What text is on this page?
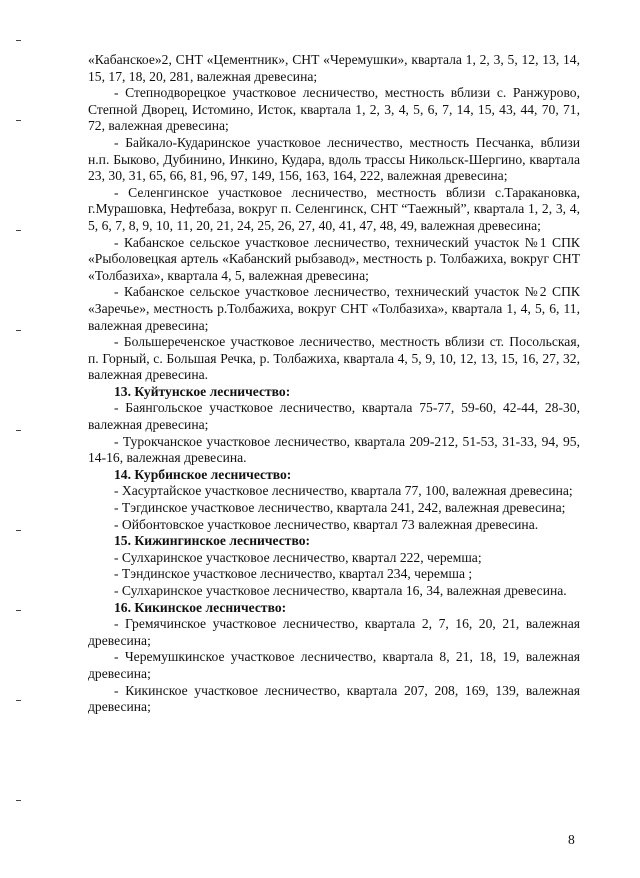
«Кабанское»2, СНТ «Цементник», СНТ «Черемушки», квартала 1, 2, 3, 5, 12, 13, 14, 15, 17, 18, 20, 281, валежная древесина;

- Степнодворецкое участковое лесничество, местность вблизи с. Ранжурово, Степной Дворец, Истомино, Исток, квартала 1, 2, 3, 4, 5, 6, 7, 14, 15, 43, 44, 70, 71, 72, валежная древесина;

- Байкало-Кударинское участковое лесничество, местность Песчанка, вблизи н.п. Быково, Дубинино, Инкино, Кудара, вдоль трассы Никольск-Шергино, квартала 23, 30, 31, 65, 66, 81, 96, 97, 149, 156, 163, 164, 222, валежная древесина;

- Селенгинское участковое лесничество, местность вблизи с.Таракановка, г.Мурашовка, Нефтебаза, вокруг п. Селенгинск, СНТ “Таежный”, квартала 1, 2, 3, 4, 5, 6, 7, 8, 9, 10, 11, 20, 21, 24, 25, 26, 27, 40, 41, 47, 48, 49, валежная древесина;

- Кабанское сельское участковое лесничество, технический участок №1 СПК «Рыболовецкая артель «Кабанский рыбзавод», местность р. Толбажиха, вокруг СНТ «Толбазиха», квартала 4, 5, валежная древесина;

- Кабанское сельское участковое лесничество, технический участок №2 СПК «Заречье», местность р.Толбажиха, вокруг СНТ «Толбазиха», квартала 1, 4, 5, 6, 11, валежная древесина;

- Большереченское участковое лесничество, местность вблизи ст. Посольская, п. Горный, с. Большая Речка, р. Толбажиха, квартала 4, 5, 9, 10, 12, 13, 15, 16, 27, 32, валежная древесина.

13. Куйтунское лесничество:

- Баянгольское участковое лесничество, квартала 75-77, 59-60, 42-44, 28-30, валежная древесина;

- Турокчанское участковое лесничество, квартала 209-212, 51-53, 31-33, 94, 95, 14-16, валежная древесина.

14. Курбинское лесничество:

- Хасуртайское участковое лесничество, квартала 77, 100, валежная древесина;

- Тэгдинское участковое лесничество, квартала 241, 242, валежная древесина;

- Ойбонтовское участковое лесничество, квартал 73 валежная древесина.

15. Кижингинское лесничество:

- Сулхаринское участковое лесничество, квартал 222, черемша;

- Тэндинское участковое лесничество, квартал 234, черемша ;

- Сулхаринское участковое лесничество, квартала 16, 34, валежная древесина.

16. Кикинское лесничество:

- Гремячинское участковое лесничество, квартала 2, 7, 16, 20, 21, валежная древесина;

- Черемушкинское участковое лесничество, квартала 8, 21, 18, 19, валежная древесина;

- Кикинское участковое лесничество, квартала 207, 208, 169, 139, валежная древесина;

8
